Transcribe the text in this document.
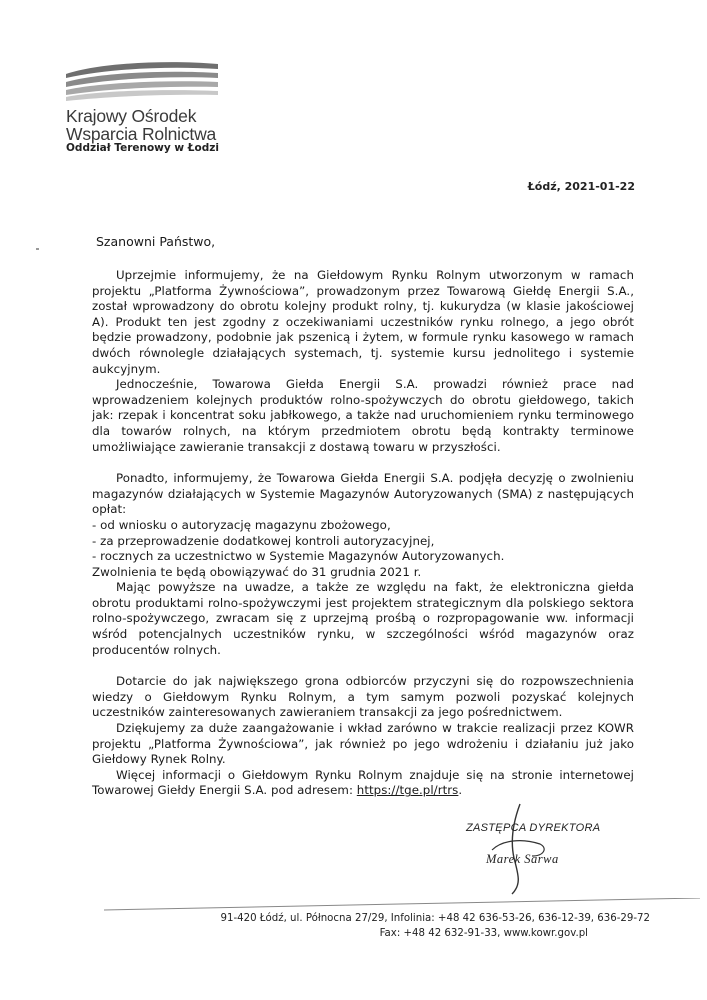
Krajowy Ośrodek
Wsparcia Rolnictwa
Oddział Terenowy w Łodzi
Łódź, 2021-01-22
Szanowni Państwo,

Uprzejmie informujemy, że na Giełdowym Rynku Rolnym utworzonym w ramach projektu „Platforma Żywnościowa”, prowadzonym przez Towarową Giełdę Energii S.A., został wprowadzony do obrotu kolejny produkt rolny, tj. kukurydza (w klasie jakościowej A). Produkt ten jest zgodny z oczekiwaniami uczestników rynku rolnego, a jego obrót będzie prowadzony, podobnie jak pszenicą i żytem, w formule rynku kasowego w ramach dwóch równolegle działających systemach, tj. systemie kursu jednolitego i systemie aukcyjnym.

Jednocześnie, Towarowa Giełda Energii S.A. prowadzi również prace nad wprowadzeniem kolejnych produktów rolno-spożywczych do obrotu giełdowego, takich jak: rzepak i koncentrat soku jabłkowego, a także nad uruchomieniem rynku terminowego dla towarów rolnych, na którym przedmiotem obrotu będą kontrakty terminowe umożliwiające zawieranie transakcji z dostawą towaru w przyszłości.

Ponadto, informujemy, że Towarowa Giełda Energii S.A. podjęła decyzję o zwolnieniu magazynów działających w Systemie Magazynów Autoryzowanych (SMA) z następujących opłat:

- od wniosku o autoryzację magazynu zbożowego,

- za przeprowadzenie dodatkowej kontroli autoryzacyjnej,

- rocznych za uczestnictwo w Systemie Magazynów Autoryzowanych.

Zwolnienia te będą obowiązywać do 31 grudnia 2021 r.

Mając powyższe na uwadze, a także ze względu na fakt, że elektroniczna giełda obrotu produktami rolno-spożywczymi jest projektem strategicznym dla polskiego sektora rolno-spożywczego, zwracam się z uprzejmą prośbą o rozpropagowanie ww. informacji wśród potencjalnych uczestników rynku, w szczególności wśród magazynów oraz producentów rolnych.

Dotarcie do jak największego grona odbiorców przyczyni się do rozpowszechnienia wiedzy o Giełdowym Rynku Rolnym, a tym samym pozwoli pozyskać kolejnych uczestników zainteresowanych zawieraniem transakcji za jego pośrednictwem.

Dziękujemy za duże zaangażowanie i wkład zarówno w trakcie realizacji przez KOWR projektu „Platforma Żywnościowa”, jak również po jego wdrożeniu i działaniu już jako Giełdowy Rynek Rolny.

Więcej informacji o Giełdowym Rynku Rolnym znajduje się na stronie internetowej Towarowej Giełdy Energii S.A. pod adresem: https://tge.pl/rtrs.

ZASTĘPCA DYREKTORA
Marek Sarwa
91-420 Łódź, ul. Północna 27/29, Infolinia: +48 42 636-53-26, 636-12-39, 636-29-72
Fax: +48 42 632-91-33, www.kowr.gov.pl
